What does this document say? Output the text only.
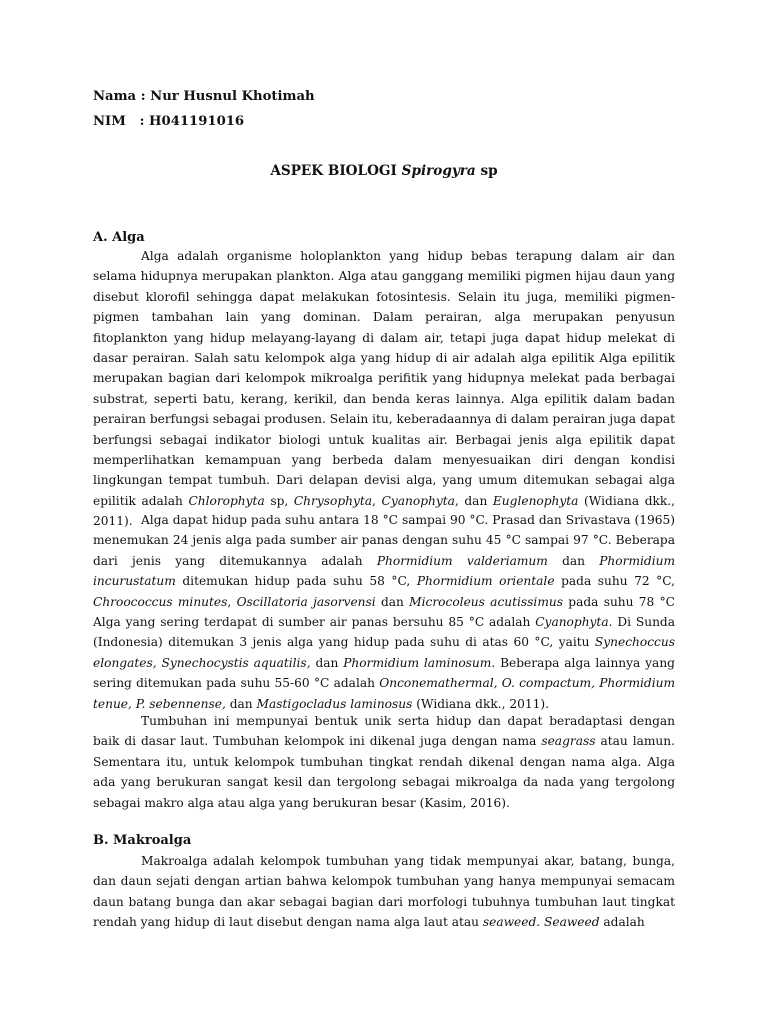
Nama : Nur Husnul Khotimah
NIM   : H041191016
ASPEK BIOLOGI Spirogyra sp
A. Alga
Alga adalah organisme holoplankton yang hidup bebas terapung dalam air dan selama hidupnya merupakan plankton. Alga atau ganggang memiliki pigmen hijau daun yang disebut klorofil sehingga dapat melakukan fotosintesis. Selain itu juga, memiliki pigmen-pigmen tambahan lain yang dominan. Dalam perairan, alga merupakan penyusun fitoplankton yang hidup melayang-layang di dalam air, tetapi juga dapat hidup melekat di dasar perairan. Salah satu kelompok alga yang hidup di air adalah alga epilitik Alga epilitik merupakan bagian dari kelompok mikroalga perifitik yang hidupnya melekat pada berbagai substrat, seperti batu, kerang, kerikil, dan benda keras lainnya. Alga epilitik dalam badan perairan berfungsi sebagai produsen. Selain itu, keberadaannya di dalam perairan juga dapat berfungsi sebagai indikator biologi untuk kualitas air. Berbagai jenis alga epilitik dapat memperlihatkan kemampuan yang berbeda dalam menyesuaikan diri dengan kondisi lingkungan tempat tumbuh. Dari delapan devisi alga, yang umum ditemukan sebagai alga epilitik adalah Chlorophyta sp, Chrysophyta, Cyanophyta, dan Euglenophyta (Widiana dkk., 2011). Alga dapat hidup pada suhu antara 18 °C sampai 90 °C. Prasad dan Srivastava (1965) menemukan 24 jenis alga pada sumber air panas dengan suhu 45 °C sampai 97 °C. Beberapa dari jenis yang ditemukannya adalah Phormidium valderiamum dan Phormidium incurustatum ditemukan hidup pada suhu 58 °C, Phormidium orientale pada suhu 72 °C, Chroococcus minutes, Oscillatoria jasorvensi dan Microcoleus acutissimus pada suhu 78 °C Alga yang sering terdapat di sumber air panas bersuhu 85 °C adalah Cyanophyta. Di Sunda (Indonesia) ditemukan 3 jenis alga yang hidup pada suhu di atas 60 °C, yaitu Synechoccus elongates, Synechocystis aquatilis, dan Phormidium laminosum. Beberapa alga lainnya yang sering ditemukan pada suhu 55-60 °C adalah Onconemathermal, O. compactum, Phormidium tenue, P. sebennense, dan Mastigocladus laminosus (Widiana dkk., 2011).
Tumbuhan ini mempunyai bentuk unik serta hidup dan dapat beradaptasi dengan baik di dasar laut. Tumbuhan kelompok ini dikenal juga dengan nama seagrass atau lamun. Sementara itu, untuk kelompok tumbuhan tingkat rendah dikenal dengan nama alga. Alga ada yang berukuran sangat kesil dan tergolong sebagai mikroalga da nada yang tergolong sebagai makro alga atau alga yang berukuran besar (Kasim, 2016).
B. Makroalga
Makroalga adalah kelompok tumbuhan yang tidak mempunyai akar, batang, bunga, dan daun sejati dengan artian bahwa kelompok tumbuhan yang hanya mempunyai semacam daun batang bunga dan akar sebagai bagian dari morfologi tubuhnya tumbuhan laut tingkat rendah yang hidup di laut disebut dengan nama alga laut atau seaweed. Seaweed adalah
